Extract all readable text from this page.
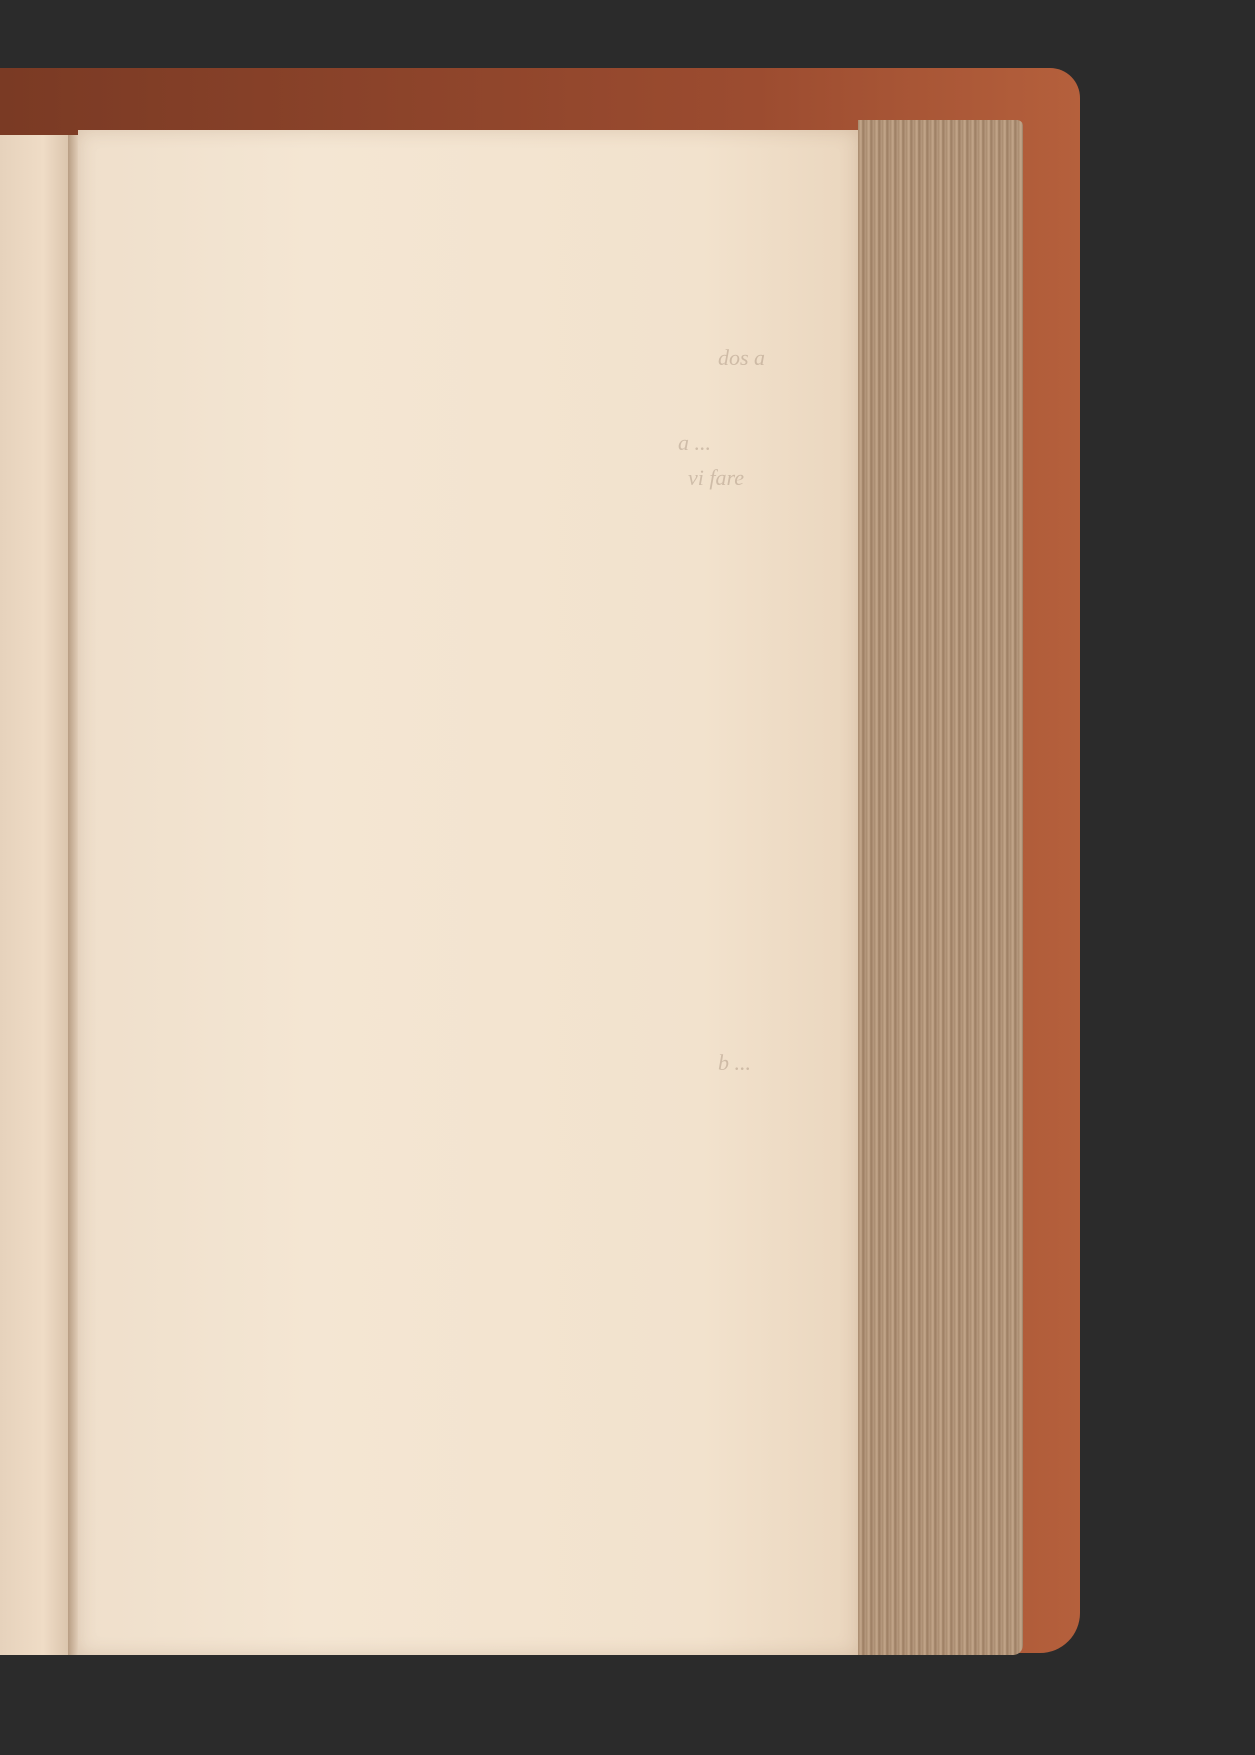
dos a
a ...
vi fare
b ...
